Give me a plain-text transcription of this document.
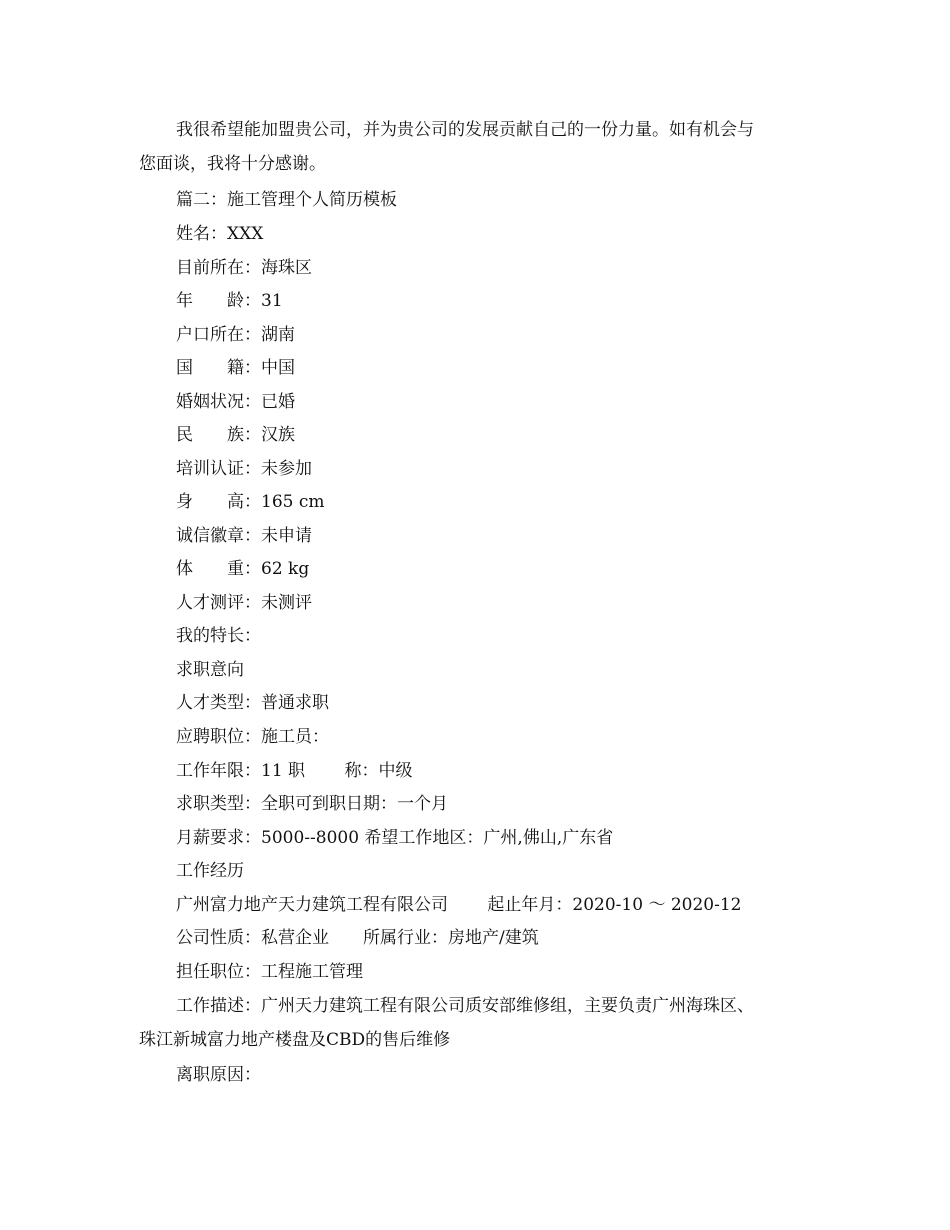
我很希望能加盟贵公司，并为贵公司的发展贡献自己的一份力量。如有机会与
您面谈，我将十分感谢。
篇二：施工管理个人简历模板
姓名：XXX
目前所在：海珠区
年　　龄：31
户口所在：湖南
国　　籍：中国
婚姻状况：已婚
民　　族：汉族
培训认证：未参加
身　　高：165 cm
诚信徽章：未申请
体　　重：62 kg
人才测评：未测评
我的特长：
求职意向
人才类型：普通求职
应聘职位：施工员：
工作年限：11 职　　 称：中级
求职类型：全职可到职日期：一个月
月薪要求：5000--8000 希望工作地区：广州,佛山,广东省
工作经历
广州富力地产天力建筑工程有限公司　　 起止年月：2020-10 ～ 2020-12
公司性质：私营企业　　所属行业：房地产/建筑
担任职位：工程施工管理
工作描述：广州天力建筑工程有限公司质安部维修组，主要负责广州海珠区、
珠江新城富力地产楼盘及CBD的售后维修
离职原因：
